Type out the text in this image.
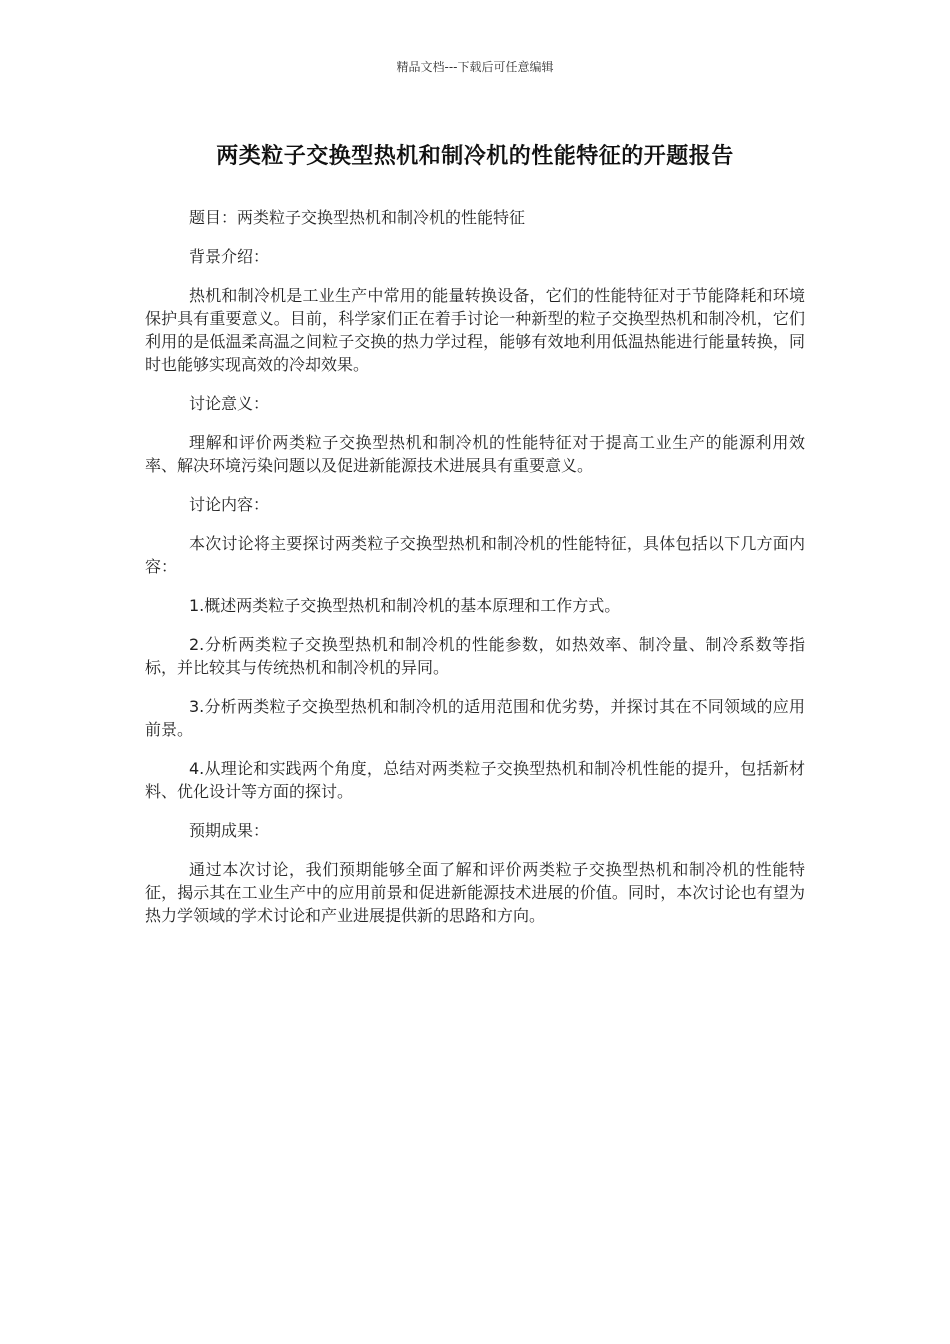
精品文档---下载后可任意编辑
两类粒子交换型热机和制冷机的性能特征的开题报告

题目：两类粒子交换型热机和制冷机的性能特征

背景介绍：

热机和制冷机是工业生产中常用的能量转换设备，它们的性能特征对于节能降耗和环境保护具有重要意义。目前，科学家们正在着手讨论一种新型的粒子交换型热机和制冷机，它们利用的是低温柔高温之间粒子交换的热力学过程，能够有效地利用低温热能进行能量转换，同时也能够实现高效的冷却效果。

讨论意义：

理解和评价两类粒子交换型热机和制冷机的性能特征对于提高工业生产的能源利用效率、解决环境污染问题以及促进新能源技术进展具有重要意义。

讨论内容：

本次讨论将主要探讨两类粒子交换型热机和制冷机的性能特征，具体包括以下几方面内容：

1.概述两类粒子交换型热机和制冷机的基本原理和工作方式。

2.分析两类粒子交换型热机和制冷机的性能参数，如热效率、制冷量、制冷系数等指标，并比较其与传统热机和制冷机的异同。

3.分析两类粒子交换型热机和制冷机的适用范围和优劣势，并探讨其在不同领域的应用前景。

4.从理论和实践两个角度，总结对两类粒子交换型热机和制冷机性能的提升，包括新材料、优化设计等方面的探讨。

预期成果：

通过本次讨论，我们预期能够全面了解和评价两类粒子交换型热机和制冷机的性能特征，揭示其在工业生产中的应用前景和促进新能源技术进展的价值。同时，本次讨论也有望为热力学领域的学术讨论和产业进展提供新的思路和方向。
